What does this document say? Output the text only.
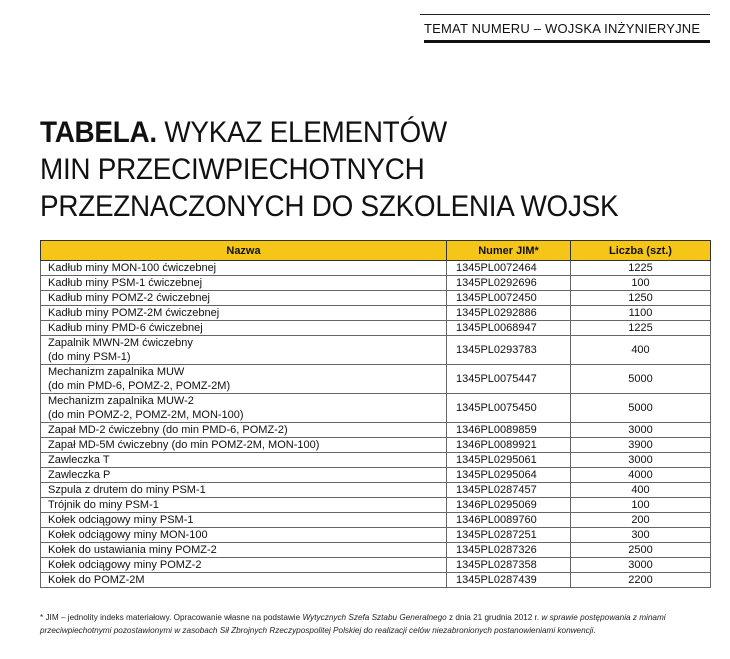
TEMAT NUMERU – WOJSKA INŻYNIERYJNE
TABELA. WYKAZ ELEMENTÓW
MIN PRZECIWPIECHOTNYCH
PRZEZNACZONYCH DO SZKOLENIA WOJSK
Nazwa	Numer JIM*	Liczba (szt.)

Kadłub miny MON-100 ćwiczebnej	1345PL0072464	1225

Kadłub miny PSM-1 ćwiczebnej	1345PL0292696	100

Kadłub miny POMZ-2 ćwiczebnej	1345PL0072450	1250

Kadłub miny POMZ-2M ćwiczebnej	1345PL0292886	1100

Kadłub miny PMD-6 ćwiczebnej	1345PL0068947	1225

Zapalnik MWN-2M ćwiczebny
(do miny PSM-1)	1345PL0293783	400

Mechanizm zapalnika MUW
(do min PMD-6, POMZ-2, POMZ-2M)	1345PL0075447	5000

Mechanizm zapalnika MUW-2
(do min POMZ-2, POMZ-2M, MON-100)	1345PL0075450	5000

Zapał MD-2 ćwiczebny (do min PMD-6, POMZ-2)	1346PL0089859	3000

Zapał MD-5M ćwiczebny (do min POMZ-2M, MON-100)	1346PL0089921	3900

Zawleczka T	1345PL0295061	3000

Zawleczka P	1345PL0295064	4000

Szpula z drutem do miny PSM-1	1345PL0287457	400

Trójnik do miny PSM-1	1346PL0295069	100

Kołek odciągowy miny PSM-1	1346PL0089760	200

Kołek odciągowy miny MON-100	1345PL0287251	300

Kołek do ustawiania miny POMZ-2	1345PL0287326	2500

Kołek odciągowy miny POMZ-2	1345PL0287358	3000

Kołek do POMZ-2M	1345PL0287439	2200
* JIM – jednolity indeks materiałowy. Opracowanie własne na podstawie Wytycznych Szefa Sztabu Generalnego z dnia 21 grudnia 2012 r. w sprawie postępowania z minami przeciwpiechotnymi pozostawionymi w zasobach Sił Zbrojnych Rzeczypospolitej Polskiej do realizacji celów niezabronionych postanowieniami konwencji.
